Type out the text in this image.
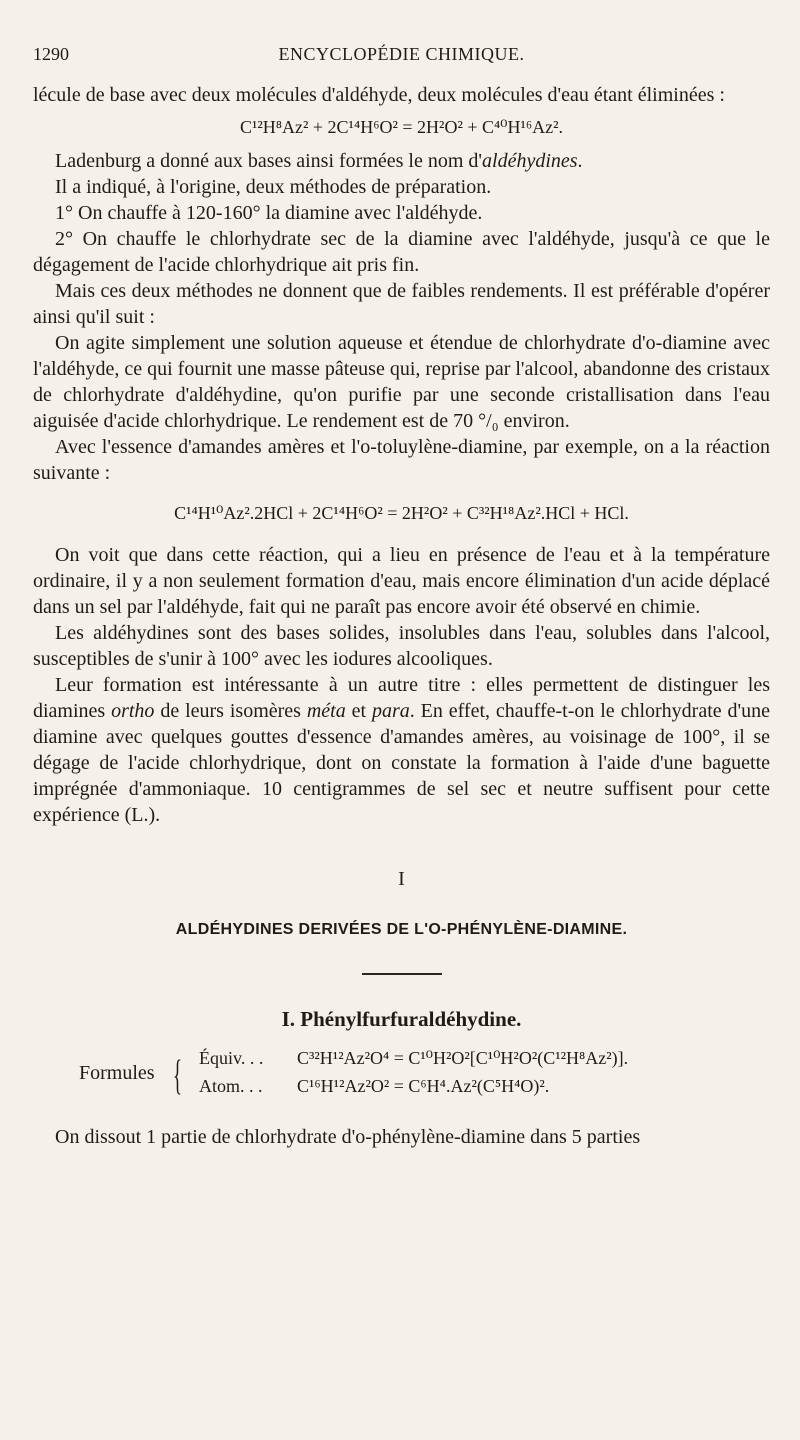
1290	ENCYCLOPÉDIE CHIMIQUE.

lécule de base avec deux molécules d'aldéhyde, deux molécules d'eau étant éliminées :

C¹²H⁸Az² + 2C¹⁴H⁶O² = 2H²O² + C⁴⁰H¹⁶Az².

Ladenburg a donné aux bases ainsi formées le nom d'aldéhydines.

Il a indiqué, à l'origine, deux méthodes de préparation.

1° On chauffe à 120-160° la diamine avec l'aldéhyde.

2° On chauffe le chlorhydrate sec de la diamine avec l'aldéhyde, jusqu'à ce que le dégagement de l'acide chlorhydrique ait pris fin.

Mais ces deux méthodes ne donnent que de faibles rendements. Il est préférable d'opérer ainsi qu'il suit :

On agite simplement une solution aqueuse et étendue de chlorhydrate d'o-diamine avec l'aldéhyde, ce qui fournit une masse pâteuse qui, reprise par l'alcool, abandonne des cristaux de chlorhydrate d'aldéhydine, qu'on purifie par une seconde cristallisation dans l'eau aiguisée d'acide chlorhydrique. Le rendement est de 70 °/₀ environ.

Avec l'essence d'amandes amères et l'o-toluylène-diamine, par exemple, on a la réaction suivante :

C¹⁴H¹⁰Az².2HCl + 2C¹⁴H⁶O² = 2H²O² + C³²H¹⁸Az².HCl + HCl.

On voit que dans cette réaction, qui a lieu en présence de l'eau et à la température ordinaire, il y a non seulement formation d'eau, mais encore élimination d'un acide déplacé dans un sel par l'aldéhyde, fait qui ne paraît pas encore avoir été observé en chimie.

Les aldéhydines sont des bases solides, insolubles dans l'eau, solubles dans l'alcool, susceptibles de s'unir à 100° avec les iodures alcooliques.

Leur formation est intéressante à un autre titre : elles permettent de distinguer les diamines ortho de leurs isomères méta et para. En effet, chauffe-t-on le chlorhydrate d'une diamine avec quelques gouttes d'essence d'amandes amères, au voisinage de 100°, il se dégage de l'acide chlorhydrique, dont on constate la formation à l'aide d'une baguette imprégnée d'ammoniaque. 10 centigrammes de sel sec et neutre suffisent pour cette expérience (L.).

I
ALDÉHYDINES DERIVÉES DE L'O-PHÉNYLÈNE-DIAMINE.
I. Phénylfurfuraldéhydine.
Formules { Équiv. . . C³²H¹²Az²O⁴ = C¹⁰H²O²[C¹⁰H²O²(C¹²H⁸Az²)].
Atom. . . C¹⁶H¹²Az²O² = C⁶H⁴.Az²(C⁵H⁴O)².

On dissout 1 partie de chlorhydrate d'o-phénylène-diamine dans 5 parties
